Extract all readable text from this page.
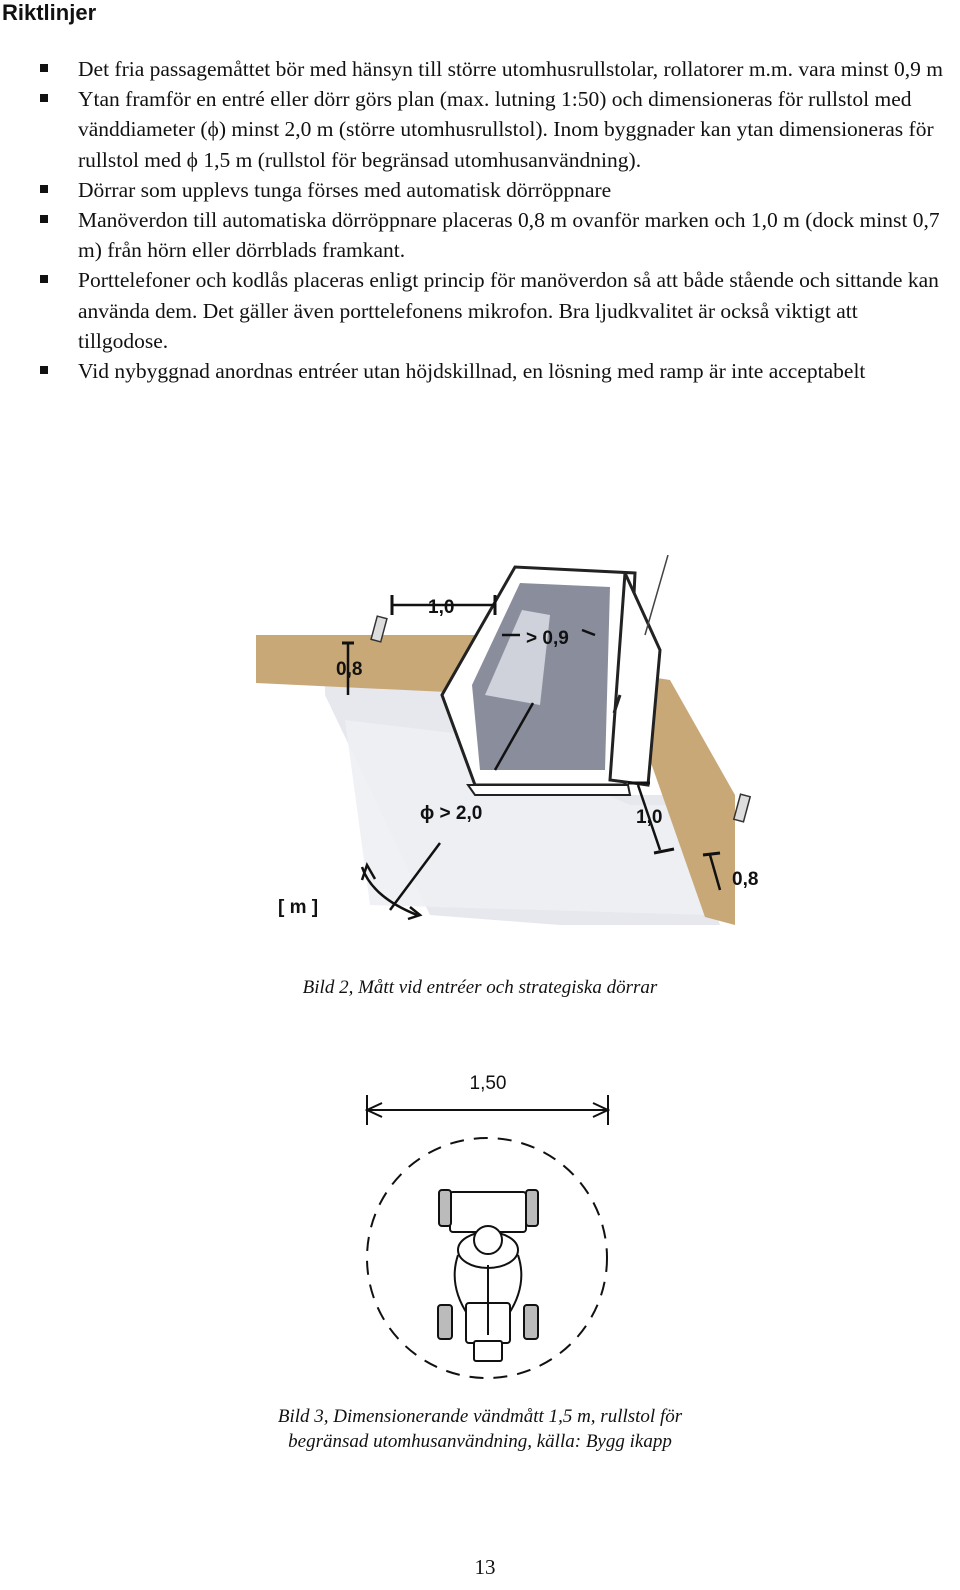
Riktlinjer
Det fria passagemåttet bör med hänsyn till större utomhusrullstolar, rollatorer m.m. vara minst 0,9 m
Ytan framför en entré eller dörr görs plan (max. lutning 1:50) och dimensioneras för rullstol med vänddiameter (ϕ) minst 2,0 m (större utomhusrullstol). Inom byggnader kan ytan dimensioneras för rullstol med ϕ 1,5 m (rullstol för begränsad utomhusanvändning).
Dörrar som upplevs tunga förses med automatisk dörröppnare
Manöverdon till automatiska dörröppnare placeras 0,8 m ovanför marken och 1,0 m (dock minst 0,7 m) från hörn eller dörrblads framkant.
Porttelefoner och kodlås placeras enligt princip för manöverdon så att både stående och sittande kan använda dem. Det gäller även porttelefonens mikrofon. Bra ljudkvalitet är också viktigt att tillgodose.
Vid nybyggnad anordnas entréer utan höjdskillnad, en lösning med ramp är inte acceptabelt
1,0
0,8
> 0,9
ϕ > 2,0	1,0
0,8
[ m ]
Bild 2, Mått vid entréer och strategiska dörrar
1,50
Bild 3, Dimensionerande vändmått 1,5 m, rullstol för
begränsad utomhusanvändning, källa: Bygg ikapp
13
